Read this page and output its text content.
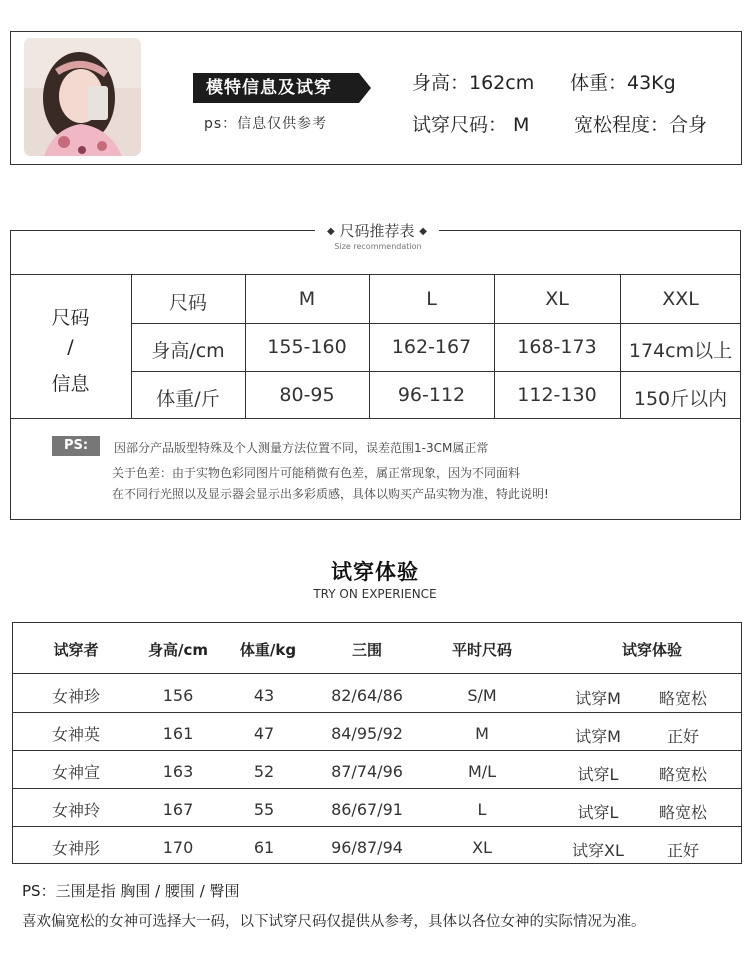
模特信息及试穿
ps：信息仅供参考
身高：162cm 体重：43Kg
试穿尺码： M 宽松程度：合身
◆ 尺码推荐表 ◆
Size recommendation
尺码
/
信息
尺码	M	L	XL	XXL
身高/cm	155-160	162-167	168-173	174cm以上
体重/斤	80-95	96-112	112-130	150斤以内
PS:	因部分产品版型特殊及个人测量方法位置不同，误差范围1-3CM属正常
关于色差：由于实物色彩同图片可能稍微有色差，属正常现象，因为不同面料
在不同行光照以及显示器会显示出多彩质感，具体以购买产品实物为准，特此说明!
试穿体验
TRY ON EXPERIENCE
试穿者	身高/cm	体重/kg	三围	平时尺码	试穿体验
女神珍	156	43	82/64/86	S/M	试穿M	略宽松
女神英	161	47	84/95/92	M	试穿M	正好
女神宣	163	52	87/74/96	M/L	试穿L	略宽松
女神玲	167	55	86/67/91	L	试穿L	略宽松
女神彤	170	61	96/87/94	XL	试穿XL	正好
PS：三围是指 胸围 / 腰围 / 臀围
喜欢偏宽松的女神可选择大一码，以下试穿尺码仅提供从参考，具体以各位女神的实际情况为准。
